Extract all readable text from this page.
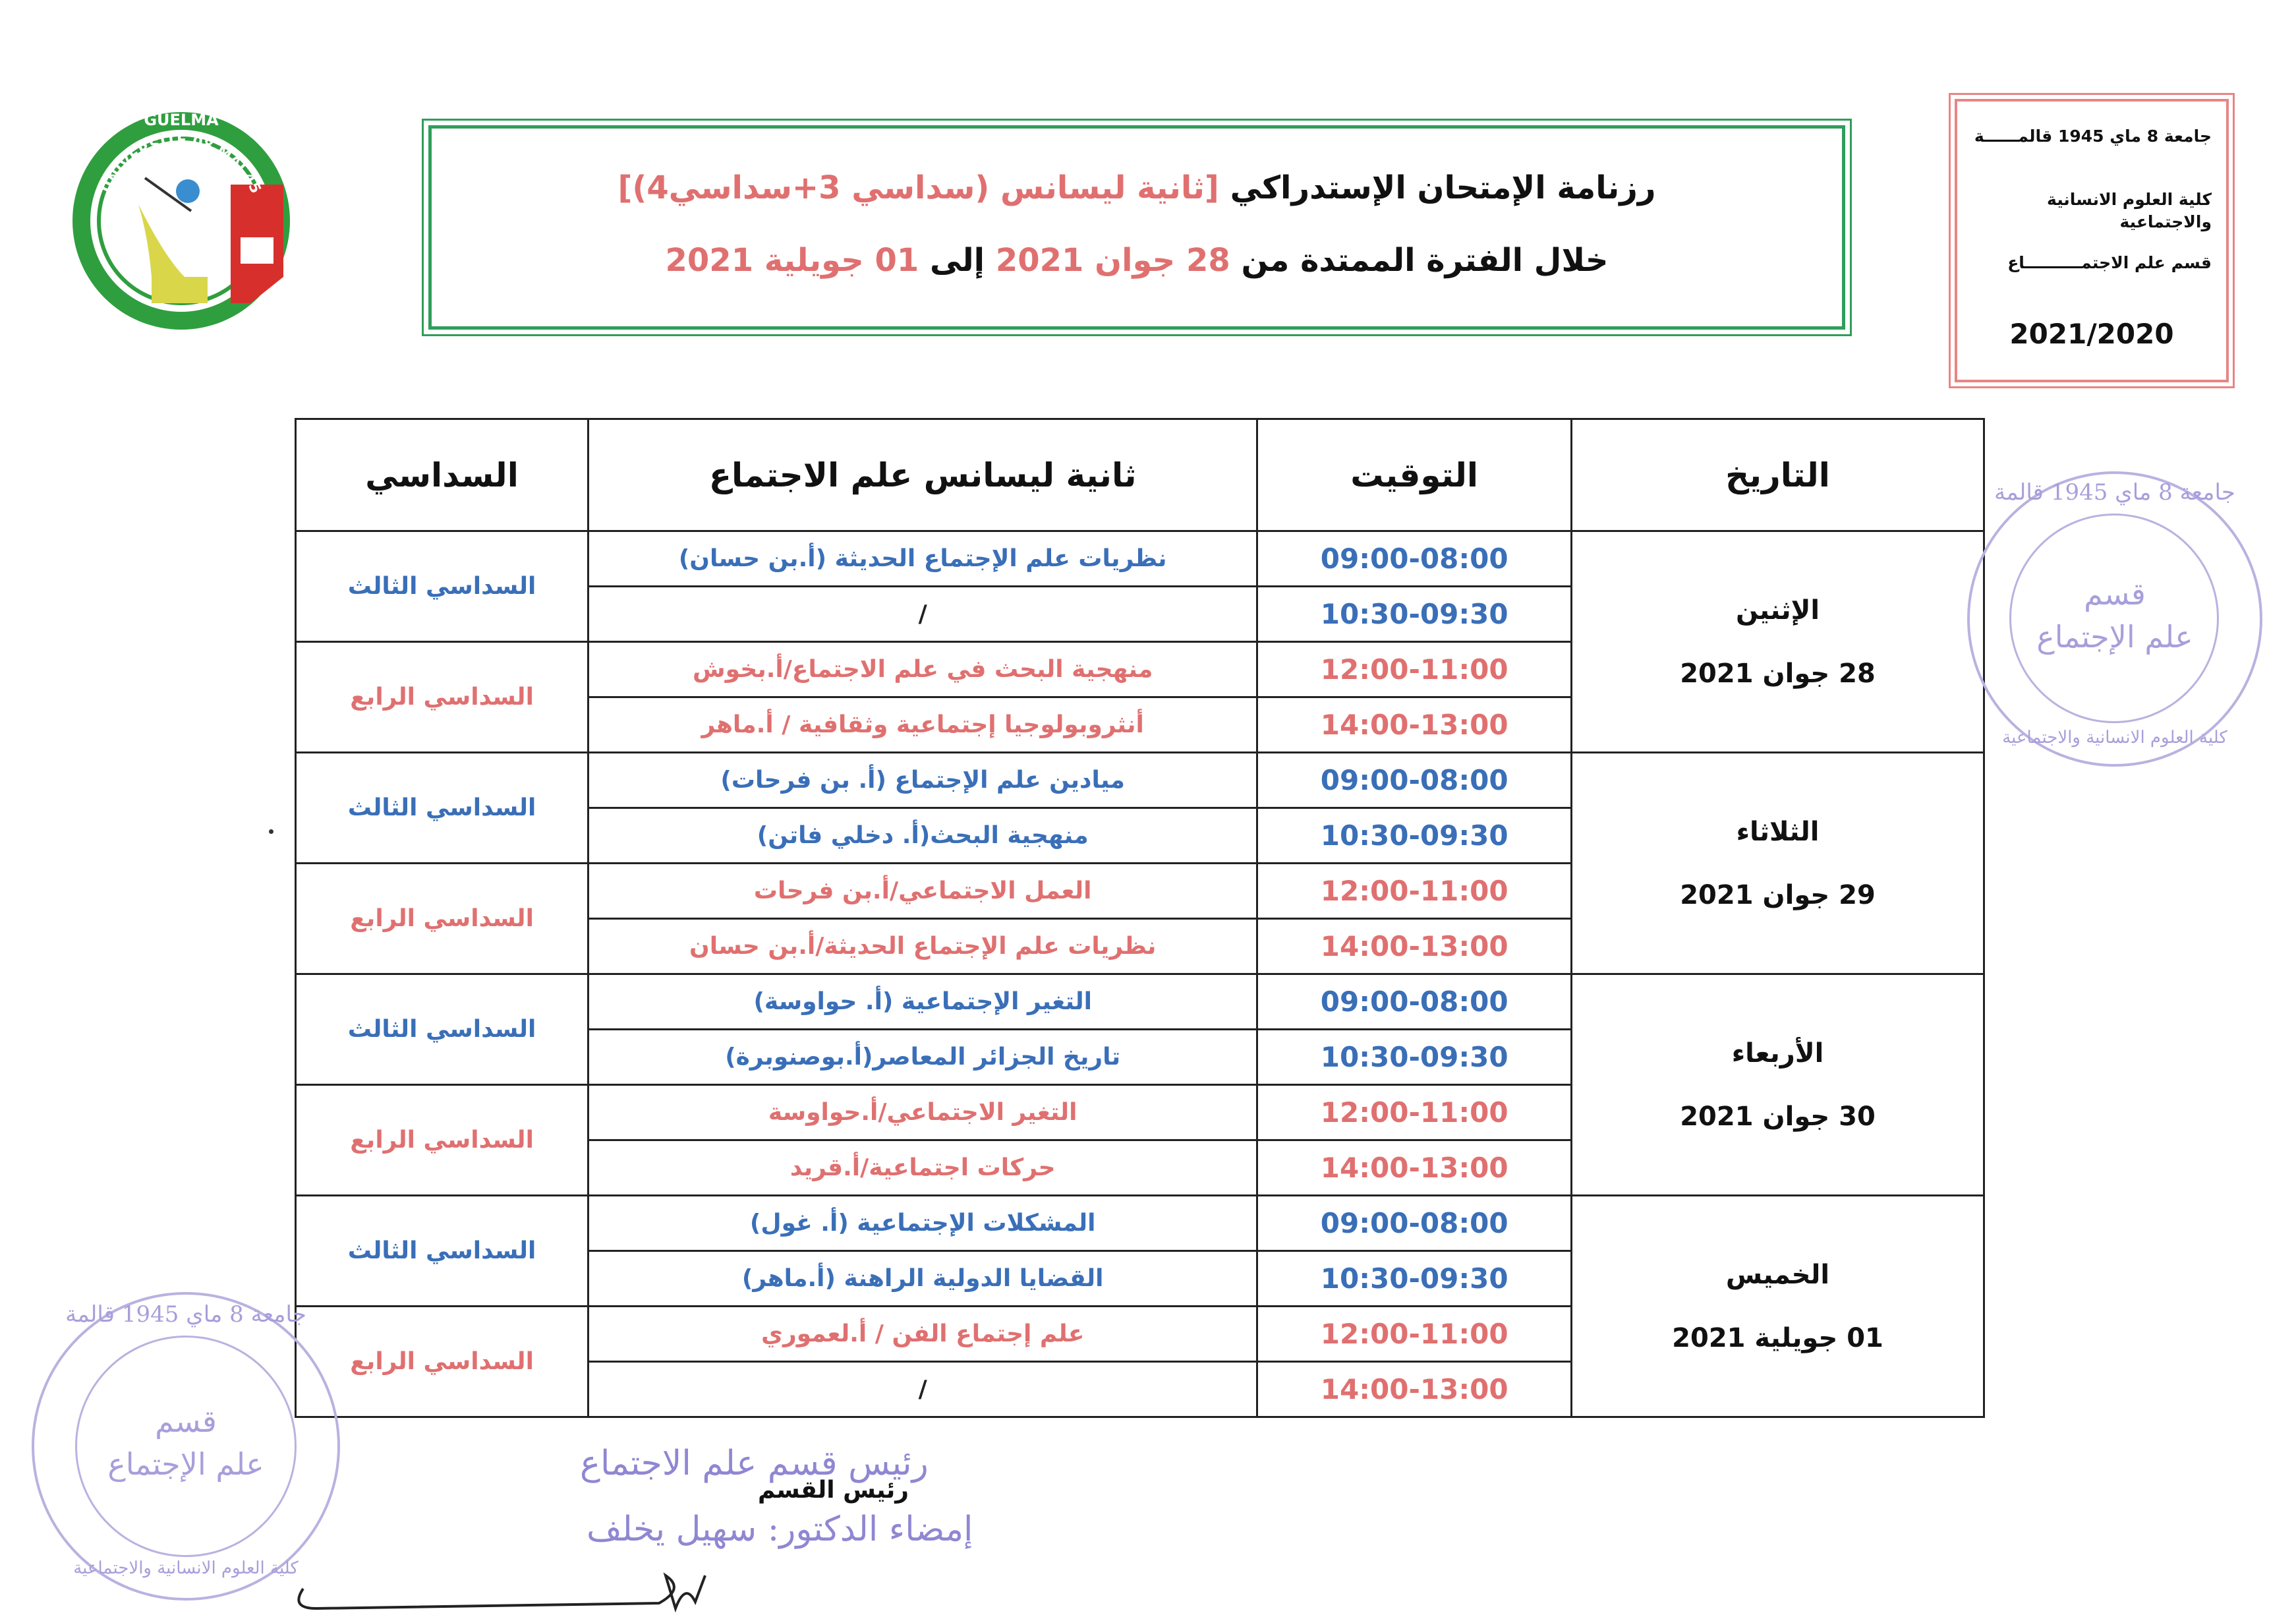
UNIVERSITE 08 MAI 45
GUELMA
رزنامة الإمتحان الإستدراكي [ثانية ليسانس (سداسي 3+سداسي4)]
خلال الفترة الممتدة من 28 جوان 2021 إلى 01 جويلية 2021
جامعة 8 ماي 1945 قالمــــــة
كلية العلوم الانسانية والاجتماعية
قسم علم الاجتمــــــــــاع
2021/2020
التاريخ	التوقيت	ثانية ليسانس علم الاجتماع	السداسي

الإثنين
28 جوان 2021	09:00-08:00	نظريات علم الإجتماع الحديثة (أ.بن حسان)	السداسي الثالث
	10:30-09:30	/	
	12:00-11:00	منهجية البحث في علم الاجتماع/أ.بخوش	السداسي الرابع
	14:00-13:00	أنثروبولوجيا إجتماعية وثقافية / أ.ماهر	

الثلاثاء
29 جوان 2021	09:00-08:00	ميادين علم الإجتماع (أ. بن فرحات)	السداسي الثالث
	10:30-09:30	منهجية البحث(أ. دخلي فاتن)	
	12:00-11:00	العمل الاجتماعي/أ.بن فرحات	السداسي الرابع
	14:00-13:00	نظريات علم الإجتماع الحديثة/أ.بن حسان	

الأربعاء
30 جوان 2021	09:00-08:00	التغير الإجتماعية (أ. حواوسة)	السداسي الثالث
	10:30-09:30	تاريخ الجزائر المعاصر(أ.بوصنوبرة)	
	12:00-11:00	التغير الاجتماعي/أ.حواوسة	السداسي الرابع
	14:00-13:00	حركات اجتماعية/أ.قريد	

الخميس
01 جويلية 2021	09:00-08:00	المشكلات الإجتماعية (أ. غول)	السداسي الثالث
	10:30-09:30	القضايا الدولية الراهنة (أ.ماهر)	
	12:00-11:00	علم إجتماع الفن / أ.لعموري	السداسي الرابع
	14:00-13:00	/	
جامعة 8 ماي 1945 قالمة
قسم
علم الإجتماع
كلية العلوم الانسانية والاجتماعية
جامعة 8 ماي 1945 قالمة
قسم
علم الإجتماع
كلية العلوم الانسانية والاجتماعية
رئيس قسم علم الاجتماع
رئيس القسم
إمضاء الدكتور: سهيل يخلف
